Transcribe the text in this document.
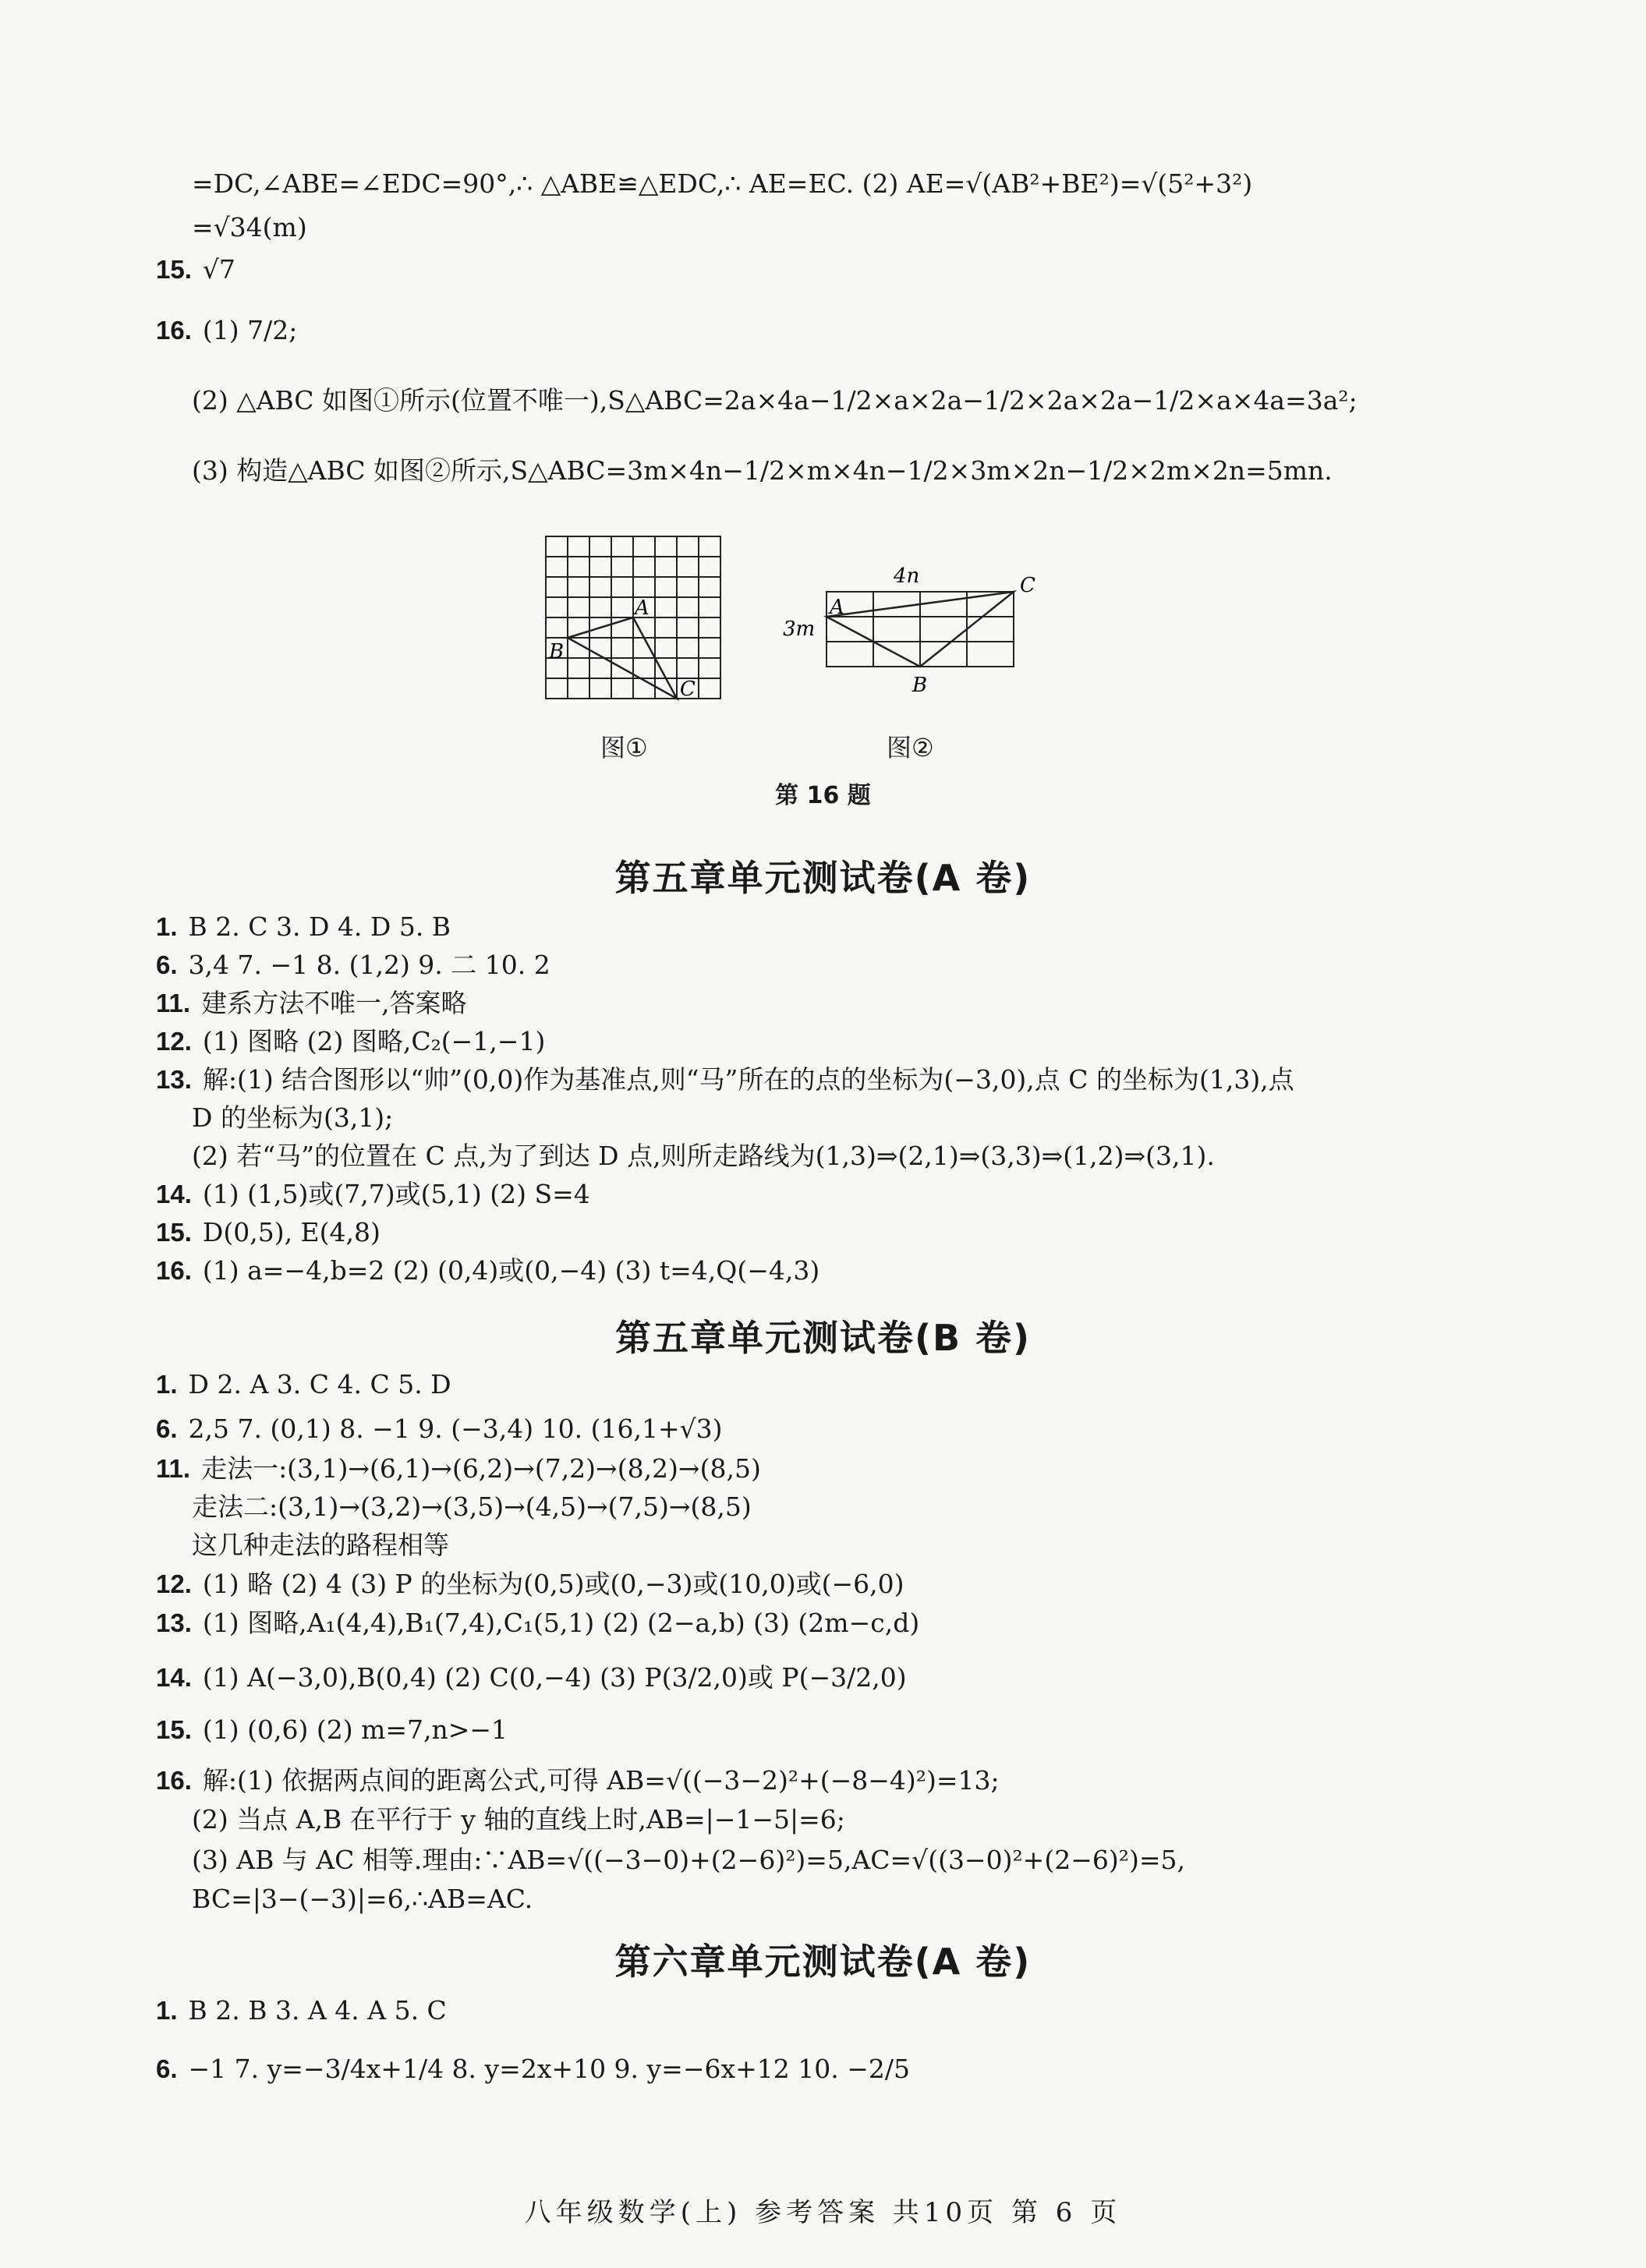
=DC,∠ABE=∠EDC=90°,∴ △ABE≌△EDC,∴ AE=EC. (2) AE=√(AB²+BE²)=√(5²+3²)
=√34(m)
15. √7
16. (1) 7/2;
(2) △ABC 如图①所示(位置不唯一),S△ABC=2a×4a−1/2×a×2a−1/2×2a×2a−1/2×a×4a=3a²;
(3) 构造△ABC 如图②所示,S△ABC=3m×4n−1/2×m×4n−1/2×3m×2n−1/2×2m×2n=5mn.
A
B
C
4n
3m
A
C
B
图①	图②
第 16 题
第五章单元测试卷(A 卷)
1. B 2. C 3. D 4. D 5. B
6. 3,4 7. −1 8. (1,2) 9. 二 10. 2
11. 建系方法不唯一,答案略
12. (1) 图略 (2) 图略,C₂(−1,−1)
13. 解:(1) 结合图形以“帅”(0,0)作为基准点,则“马”所在的点的坐标为(−3,0),点 C 的坐标为(1,3),点
D 的坐标为(3,1);
(2) 若“马”的位置在 C 点,为了到达 D 点,则所走路线为(1,3)⇒(2,1)⇒(3,3)⇒(1,2)⇒(3,1).
14. (1) (1,5)或(7,7)或(5,1) (2) S=4
15. D(0,5), E(4,8)
16. (1) a=−4,b=2 (2) (0,4)或(0,−4) (3) t=4,Q(−4,3)
第五章单元测试卷(B 卷)
1. D 2. A 3. C 4. C 5. D
6. 2,5 7. (0,1) 8. −1 9. (−3,4) 10. (16,1+√3)
11. 走法一:(3,1)→(6,1)→(6,2)→(7,2)→(8,2)→(8,5)
走法二:(3,1)→(3,2)→(3,5)→(4,5)→(7,5)→(8,5)
这几种走法的路程相等
12. (1) 略 (2) 4 (3) P 的坐标为(0,5)或(0,−3)或(10,0)或(−6,0)
13. (1) 图略,A₁(4,4),B₁(7,4),C₁(5,1) (2) (2−a,b) (3) (2m−c,d)
14. (1) A(−3,0),B(0,4) (2) C(0,−4) (3) P(3/2,0)或 P(−3/2,0)
15. (1) (0,6) (2) m=7,n>−1
16. 解:(1) 依据两点间的距离公式,可得 AB=√((−3−2)²+(−8−4)²)=13;
(2) 当点 A,B 在平行于 y 轴的直线上时,AB=|−1−5|=6;
(3) AB 与 AC 相等.理由:∵AB=√((−3−0)+(2−6)²)=5,AC=√((3−0)²+(2−6)²)=5,
BC=|3−(−3)|=6,∴AB=AC.
第六章单元测试卷(A 卷)
1. B 2. B 3. A 4. A 5. C
6. −1 7. y=−3/4x+1/4 8. y=2x+10 9. y=−6x+12 10. −2/5
八年级数学(上) 参考答案 共10页 第 6 页
